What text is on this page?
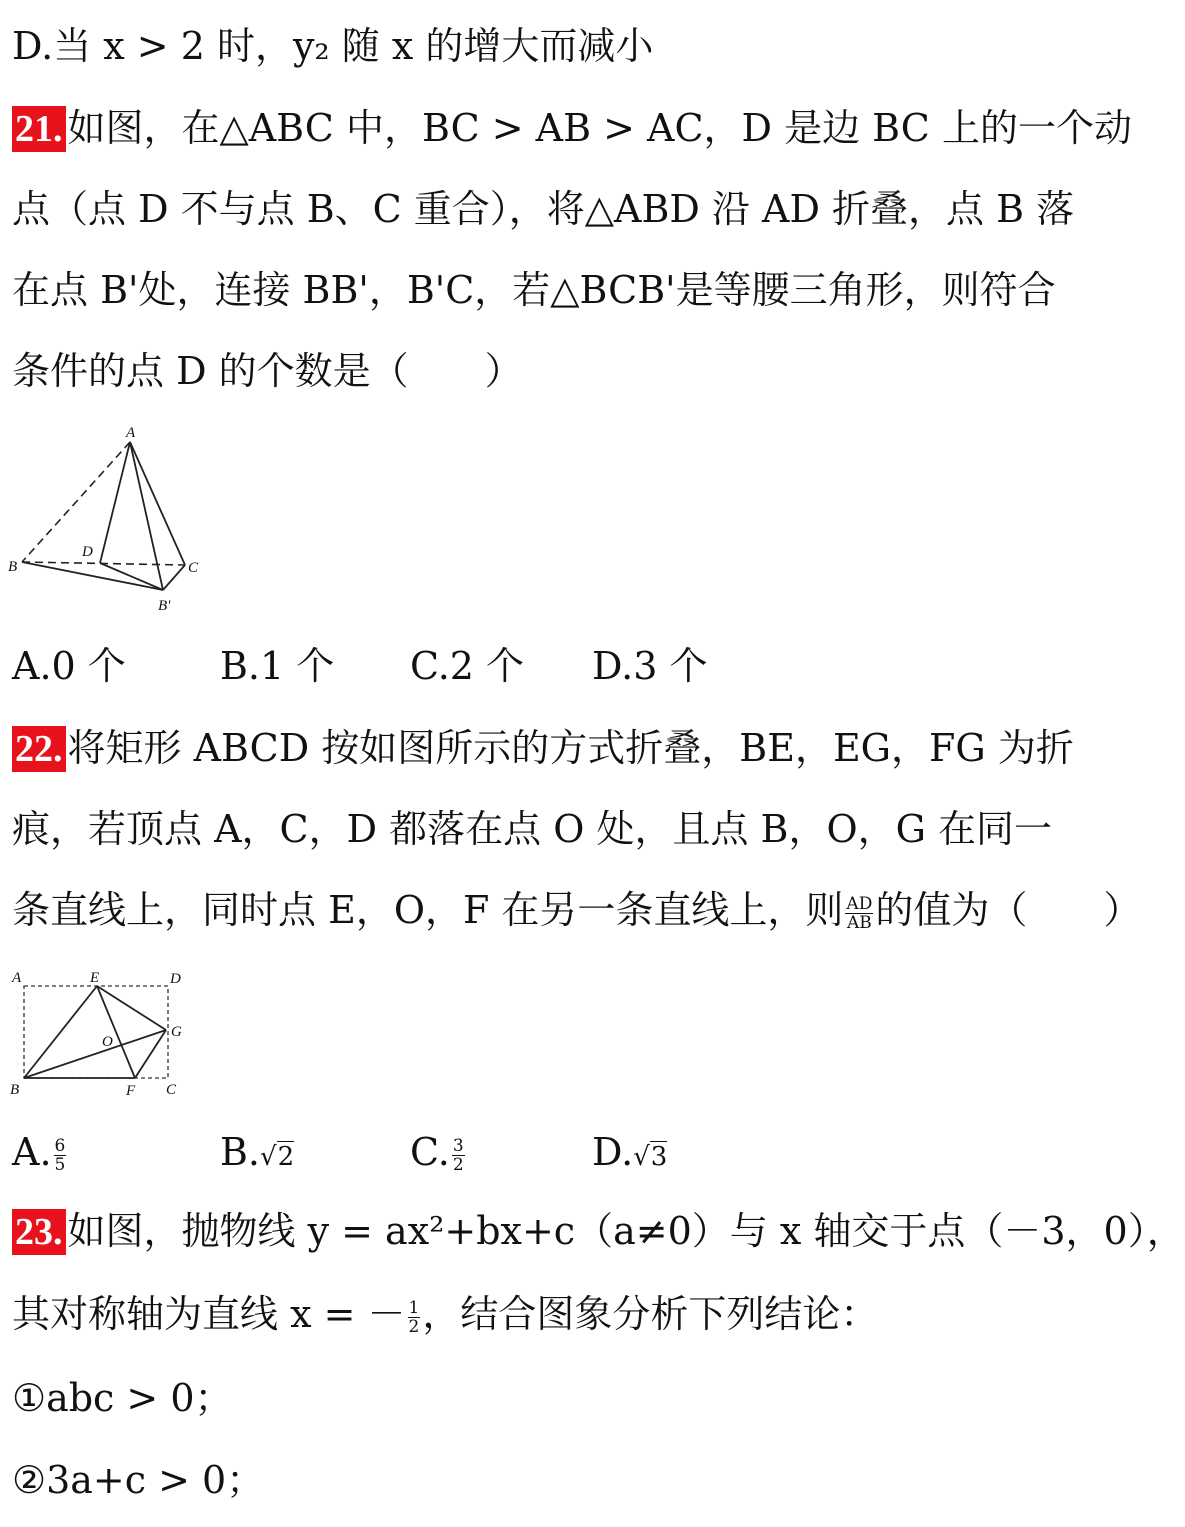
D.当 x > 2 时，y₂ 随 x 的增大而减小
21. 如图，在△ABC 中，BC > AB > AC，D 是边 BC 上的一个动
点（点 D 不与点 B、C 重合），将△ABD 沿 AD 折叠，点 B 落
在点 B'处，连接 BB'，B'C，若△BCB'是等腰三角形，则符合
条件的点 D 的个数是（　　）
A
B	C
D
B'
A.0 个 B.1 个 C.2 个 D.3 个
22. 将矩形 ABCD 按如图所示的方式折叠，BE，EG，FG 为折
痕，若顶点 A，C，D 都落在点 O 处，且点 B，O，G 在同一
条直线上，同时点 E，O，F 在另一条直线上，则 $\frac{AD}{AB}$ 的值为（　　）
A	E	D
G
O
B	F C
A. $\frac{6}{5}$	B.√2	C. $\frac{3}{2}$	D.√3
23. 如图，抛物线 y = ax²+bx+c（a≠0）与 x 轴交于点（－3，0），
其对称轴为直线 x = － $\frac{1}{2}$ ，结合图象分析下列结论：
①abc > 0；
②3a+c > 0；
